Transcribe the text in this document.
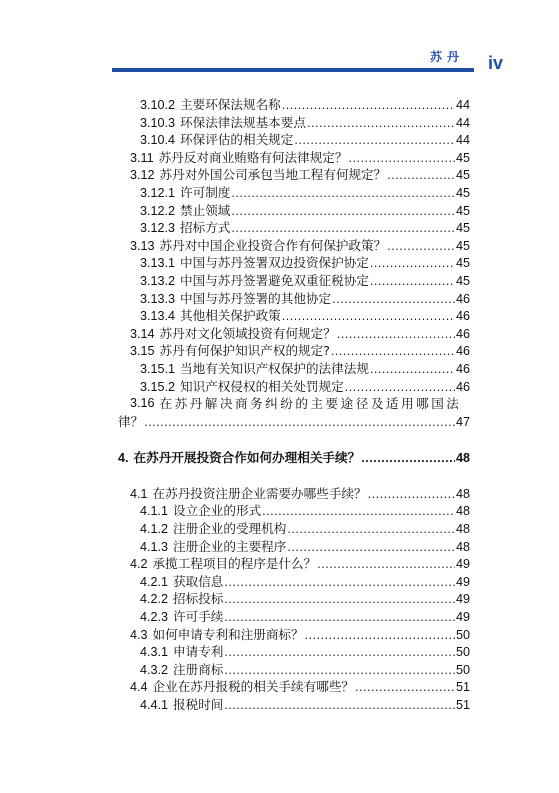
苏丹 iv
3.10.2 主要环保法规名称 .....	44
3.10.3 环保法律法规基本要点 .....	44
3.10.4 环保评估的相关规定 .....	44
3.11 苏丹反对商业贿赂有何法律规定？ .....	45
3.12 苏丹对外国公司承包当地工程有何规定？ .....	45
3.12.1 许可制度 .....	45
3.12.2 禁止领域 .....	45
3.12.3 招标方式 .....	45
3.13 苏丹对中国企业投资合作有何保护政策？ .....	45
3.13.1 中国与苏丹签署双边投资保护协定 .....	45
3.13.2 中国与苏丹签署避免双重征税协定 .....	45
3.13.3 中国与苏丹签署的其他协定 .....	46
3.13.4 其他相关保护政策 .....	46
3.14 苏丹对文化领域投资有何规定？ .....	46
3.15 苏丹有何保护知识产权的规定? .....	46
3.15.1 当地有关知识产权保护的法律法规 .....	46
3.15.2 知识产权侵权的相关处罚规定 .....	46
3.16 在苏丹解决商务纠纷的主要途径及适用哪国法
律？ .....	47
4. 在苏丹开展投资合作如何办理相关手续？ .....	48
4.1 在苏丹投资注册企业需要办哪些手续？ .....	48
4.1.1 设立企业的形式 .....	48
4.1.2 注册企业的受理机构 .....	48
4.1.3 注册企业的主要程序 .....	48
4.2 承揽工程项目的程序是什么？ .....	49
4.2.1 获取信息 .....	49
4.2.2 招标投标 .....	49
4.2.3 许可手续 .....	49
4.3 如何申请专利和注册商标？ .....	50
4.3.1 申请专利 .....	50
4.3.2 注册商标 .....	50
4.4 企业在苏丹报税的相关手续有哪些？ .....	51
4.4.1 报税时间 .....	51
